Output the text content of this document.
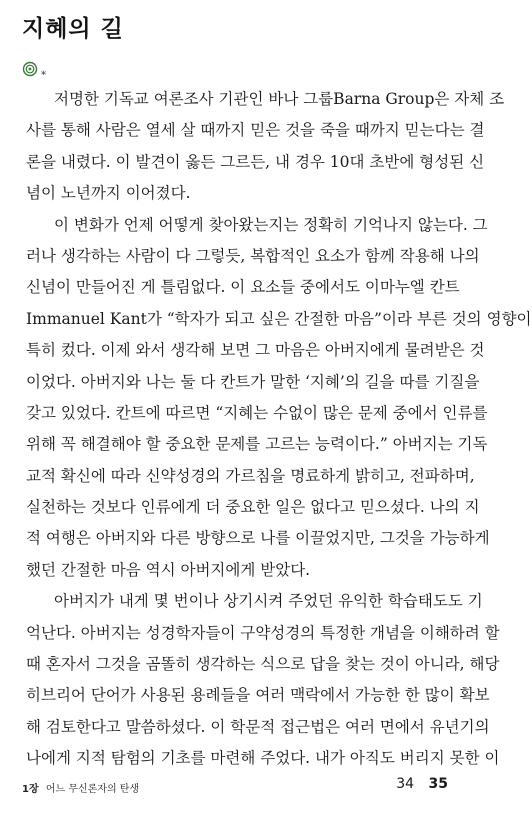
지혜의 길
*
저명한 기독교 여론조사 기관인 바나 그룹Barna Group은 자체 조
사를 통해 사람은 열세 살 때까지 믿은 것을 죽을 때까지 믿는다는 결
론을 내렸다. 이 발견이 옳든 그르든, 내 경우 10대 초반에 형성된 신
념이 노년까지 이어졌다.
이 변화가 언제 어떻게 찾아왔는지는 정확히 기억나지 않는다. 그
러나 생각하는 사람이 다 그렇듯, 복합적인 요소가 함께 작용해 나의
신념이 만들어진 게 틀림없다. 이 요소들 중에서도 이마누엘 칸트
Immanuel Kant가 “학자가 되고 싶은 간절한 마음”이라 부른 것의 영향이
특히 컸다. 이제 와서 생각해 보면 그 마음은 아버지에게 물려받은 것
이었다. 아버지와 나는 둘 다 칸트가 말한 ‘지혜’의 길을 따를 기질을
갖고 있었다. 칸트에 따르면 “지혜는 수없이 많은 문제 중에서 인류를
위해 꼭 해결해야 할 중요한 문제를 고르는 능력이다.” 아버지는 기독
교적 확신에 따라 신약성경의 가르침을 명료하게 밝히고, 전파하며,
실천하는 것보다 인류에게 더 중요한 일은 없다고 믿으셨다. 나의 지
적 여행은 아버지와 다른 방향으로 나를 이끌었지만, 그것을 가능하게
했던 간절한 마음 역시 아버지에게 받았다.
아버지가 내게 몇 번이나 상기시켜 주었던 유익한 학습태도도 기
억난다. 아버지는 성경학자들이 구약성경의 특정한 개념을 이해하려 할
때 혼자서 그것을 곰똘히 생각하는 식으로 답을 찾는 것이 아니라, 해당
히브리어 단어가 사용된 용례들을 여러 맥락에서 가능한 한 많이 확보
해 검토한다고 말씀하셨다. 이 학문적 접근법은 여러 면에서 유년기의
나에게 지적 탐험의 기초를 마련해 주었다. 내가 아직도 버리지 못한 이
1장 어느 무신론자의 탄생	34 35
